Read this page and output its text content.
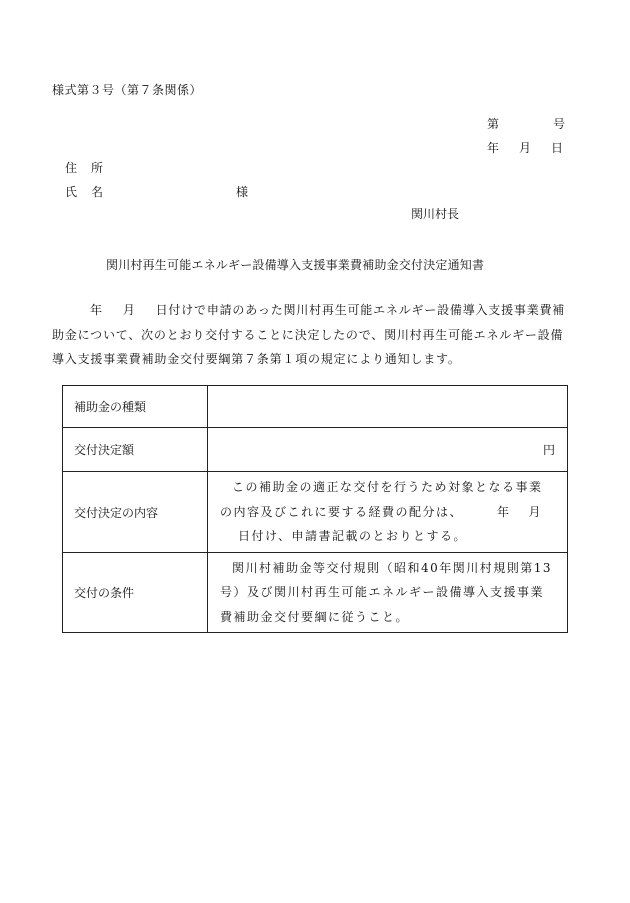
様式第３号（第７条関係）
第	号
年 月 日
住 所
氏 名	様
関川村長
関川村再生可能エネルギー設備導入支援事業費補助金交付決定通知書
年 月 日付けで申請のあった関川村再生可能エネルギー設備導入支援事業費補助金について、次のとおり交付することに決定したので、関川村再生可能エネルギー設備導入支援事業費補助金交付要綱第７条第１項の規定により通知します。
補助金の種類	
交付決定額	円
交付決定の内容	この補助金の適正な交付を行うため対象となる事業の内容及びこれに要する経費の配分は、 年 月日付け、申請書記載のとおりとする。

交付の条件	関川村補助金等交付規則（昭和40年関川村規則第13号）及び関川村再生可能エネルギー設備導入支援事業費補助金交付要綱に従うこと。
